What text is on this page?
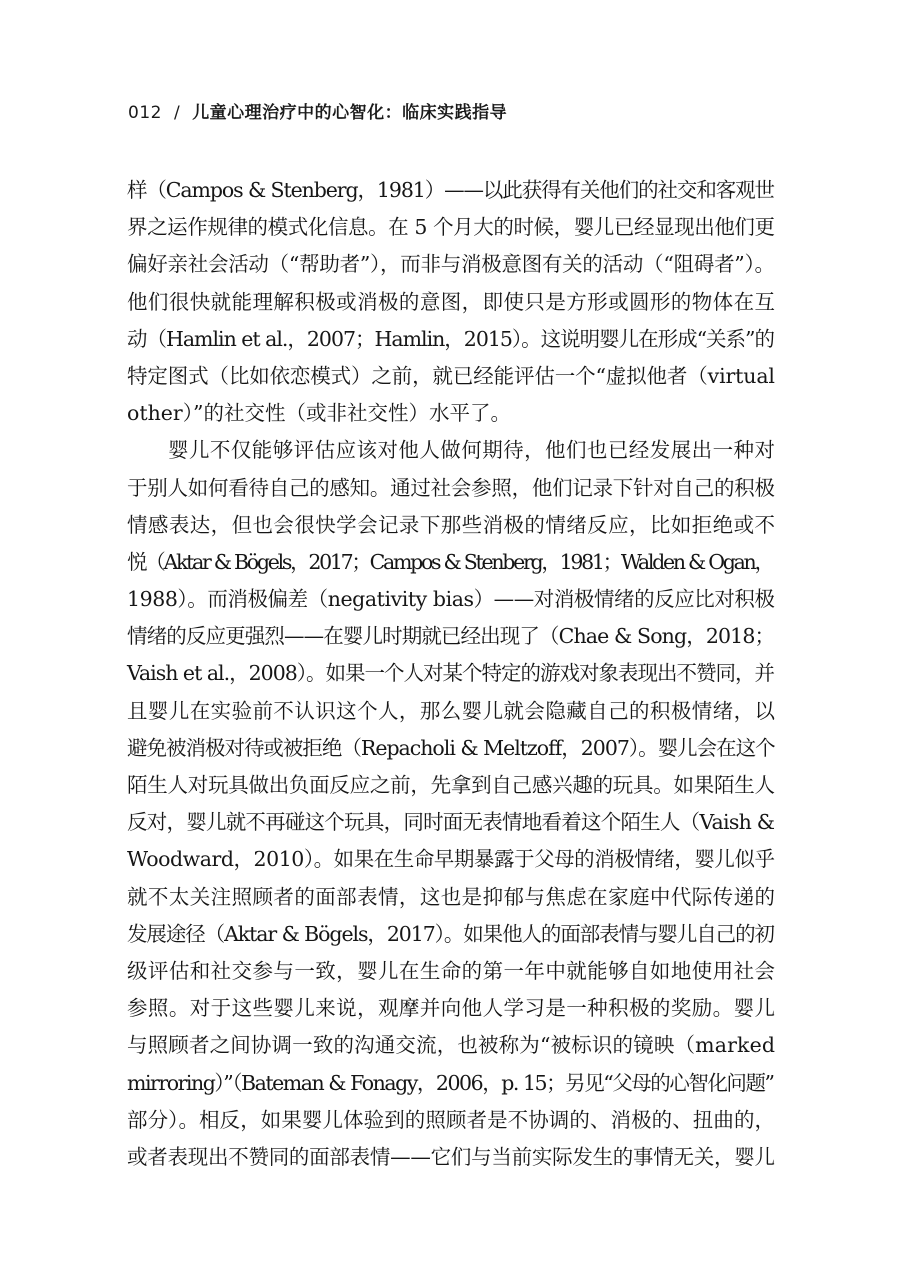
012 / 儿童心理治疗中的心智化：临床实践指导
样（Campos & Stenberg，1981）——以此获得有关他们的社交和客观世
界之运作规律的模式化信息。在 5 个月大的时候，婴儿已经显现出他们更
偏好亲社会活动（“帮助者”），而非与消极意图有关的活动（“阻碍者”）。
他们很快就能理解积极或消极的意图，即使只是方形或圆形的物体在互
动（Hamlin et al.，2007；Hamlin，2015）。这说明婴儿在形成“关系”的
特定图式（比如依恋模式）之前，就已经能评估一个“虚拟他者（virtual
other）”的社交性（或非社交性）水平了。
婴儿不仅能够评估应该对他人做何期待，他们也已经发展出一种对
于别人如何看待自己的感知。通过社会参照，他们记录下针对自己的积极
情感表达，但也会很快学会记录下那些消极的情绪反应，比如拒绝或不
悦（Aktar & Bögels，2017；Campos & Stenberg，1981；Walden & Ogan，
1988）。而消极偏差（negativity bias）——对消极情绪的反应比对积极
情绪的反应更强烈——在婴儿时期就已经出现了（Chae & Song，2018；
Vaish et al.，2008）。如果一个人对某个特定的游戏对象表现出不赞同，并
且婴儿在实验前不认识这个人，那么婴儿就会隐藏自己的积极情绪，以
避免被消极对待或被拒绝（Repacholi & Meltzoff，2007）。婴儿会在这个
陌生人对玩具做出负面反应之前，先拿到自己感兴趣的玩具。如果陌生人
反对，婴儿就不再碰这个玩具，同时面无表情地看着这个陌生人（Vaish &
Woodward，2010）。如果在生命早期暴露于父母的消极情绪，婴儿似乎
就不太关注照顾者的面部表情，这也是抑郁与焦虑在家庭中代际传递的
发展途径（Aktar & Bögels，2017）。如果他人的面部表情与婴儿自己的初
级评估和社交参与一致，婴儿在生命的第一年中就能够自如地使用社会
参照。对于这些婴儿来说，观摩并向他人学习是一种积极的奖励。婴儿
与照顾者之间协调一致的沟通交流，也被称为“被标识的镜映（marked
mirroring）”（Bateman & Fonagy，2006，p. 15；另见“父母的心智化问题”
部分）。相反，如果婴儿体验到的照顾者是不协调的、消极的、扭曲的，
或者表现出不赞同的面部表情——它们与当前实际发生的事情无关，婴儿
